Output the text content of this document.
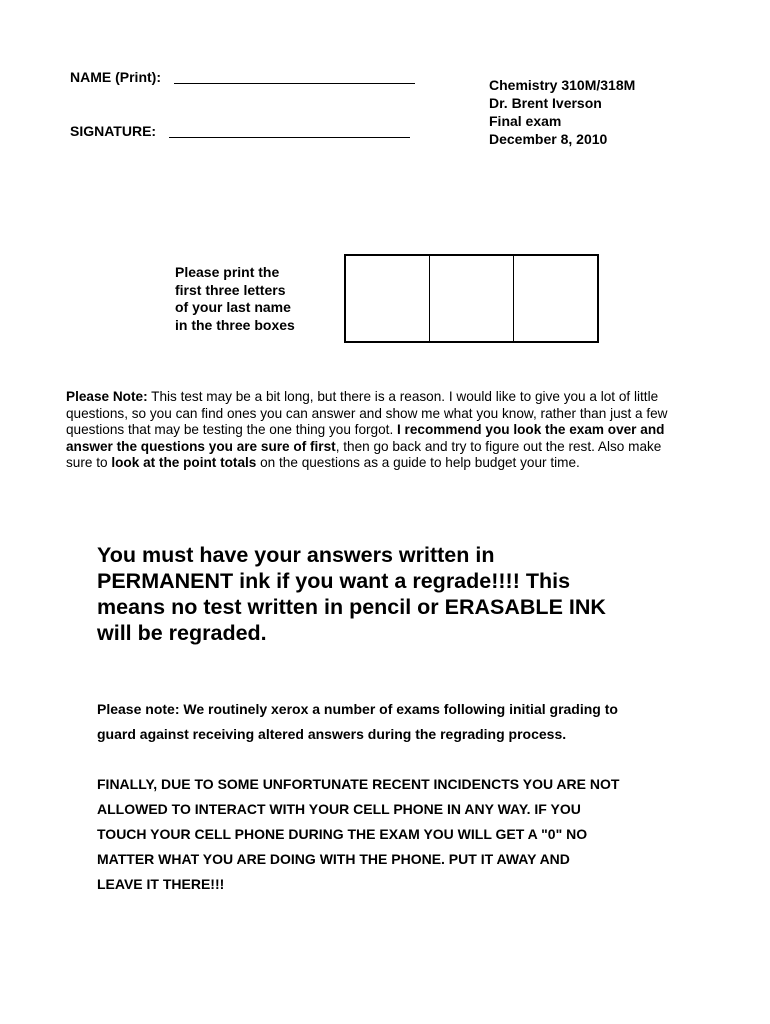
NAME (Print):
SIGNATURE:
Chemistry 310M/318M
Dr. Brent Iverson
Final exam
December 8, 2010
Please print the
first three letters
of your last name
in the three boxes
Please Note: This test may be a bit long, but there is a reason. I would like to give you a lot of little questions, so you can find ones you can answer and show me what you know, rather than just a few questions that may be testing the one thing you forgot. I recommend you look the exam over and answer the questions you are sure of first, then go back and try to figure out the rest. Also make sure to look at the point totals on the questions as a guide to help budget your time.
You must have your answers written in
PERMANENT ink if you want a regrade!!!! This
means no test written in pencil or ERASABLE INK
will be regraded.
Please note: We routinely xerox a number of exams following initial grading to
guard against receiving altered answers during the regrading process.
FINALLY, DUE TO SOME UNFORTUNATE RECENT INCIDENCTS YOU ARE NOT
ALLOWED TO INTERACT WITH YOUR CELL PHONE IN ANY WAY. IF YOU
TOUCH YOUR CELL PHONE DURING THE EXAM YOU WILL GET A "0" NO
MATTER WHAT YOU ARE DOING WITH THE PHONE. PUT IT AWAY AND
LEAVE IT THERE!!!
